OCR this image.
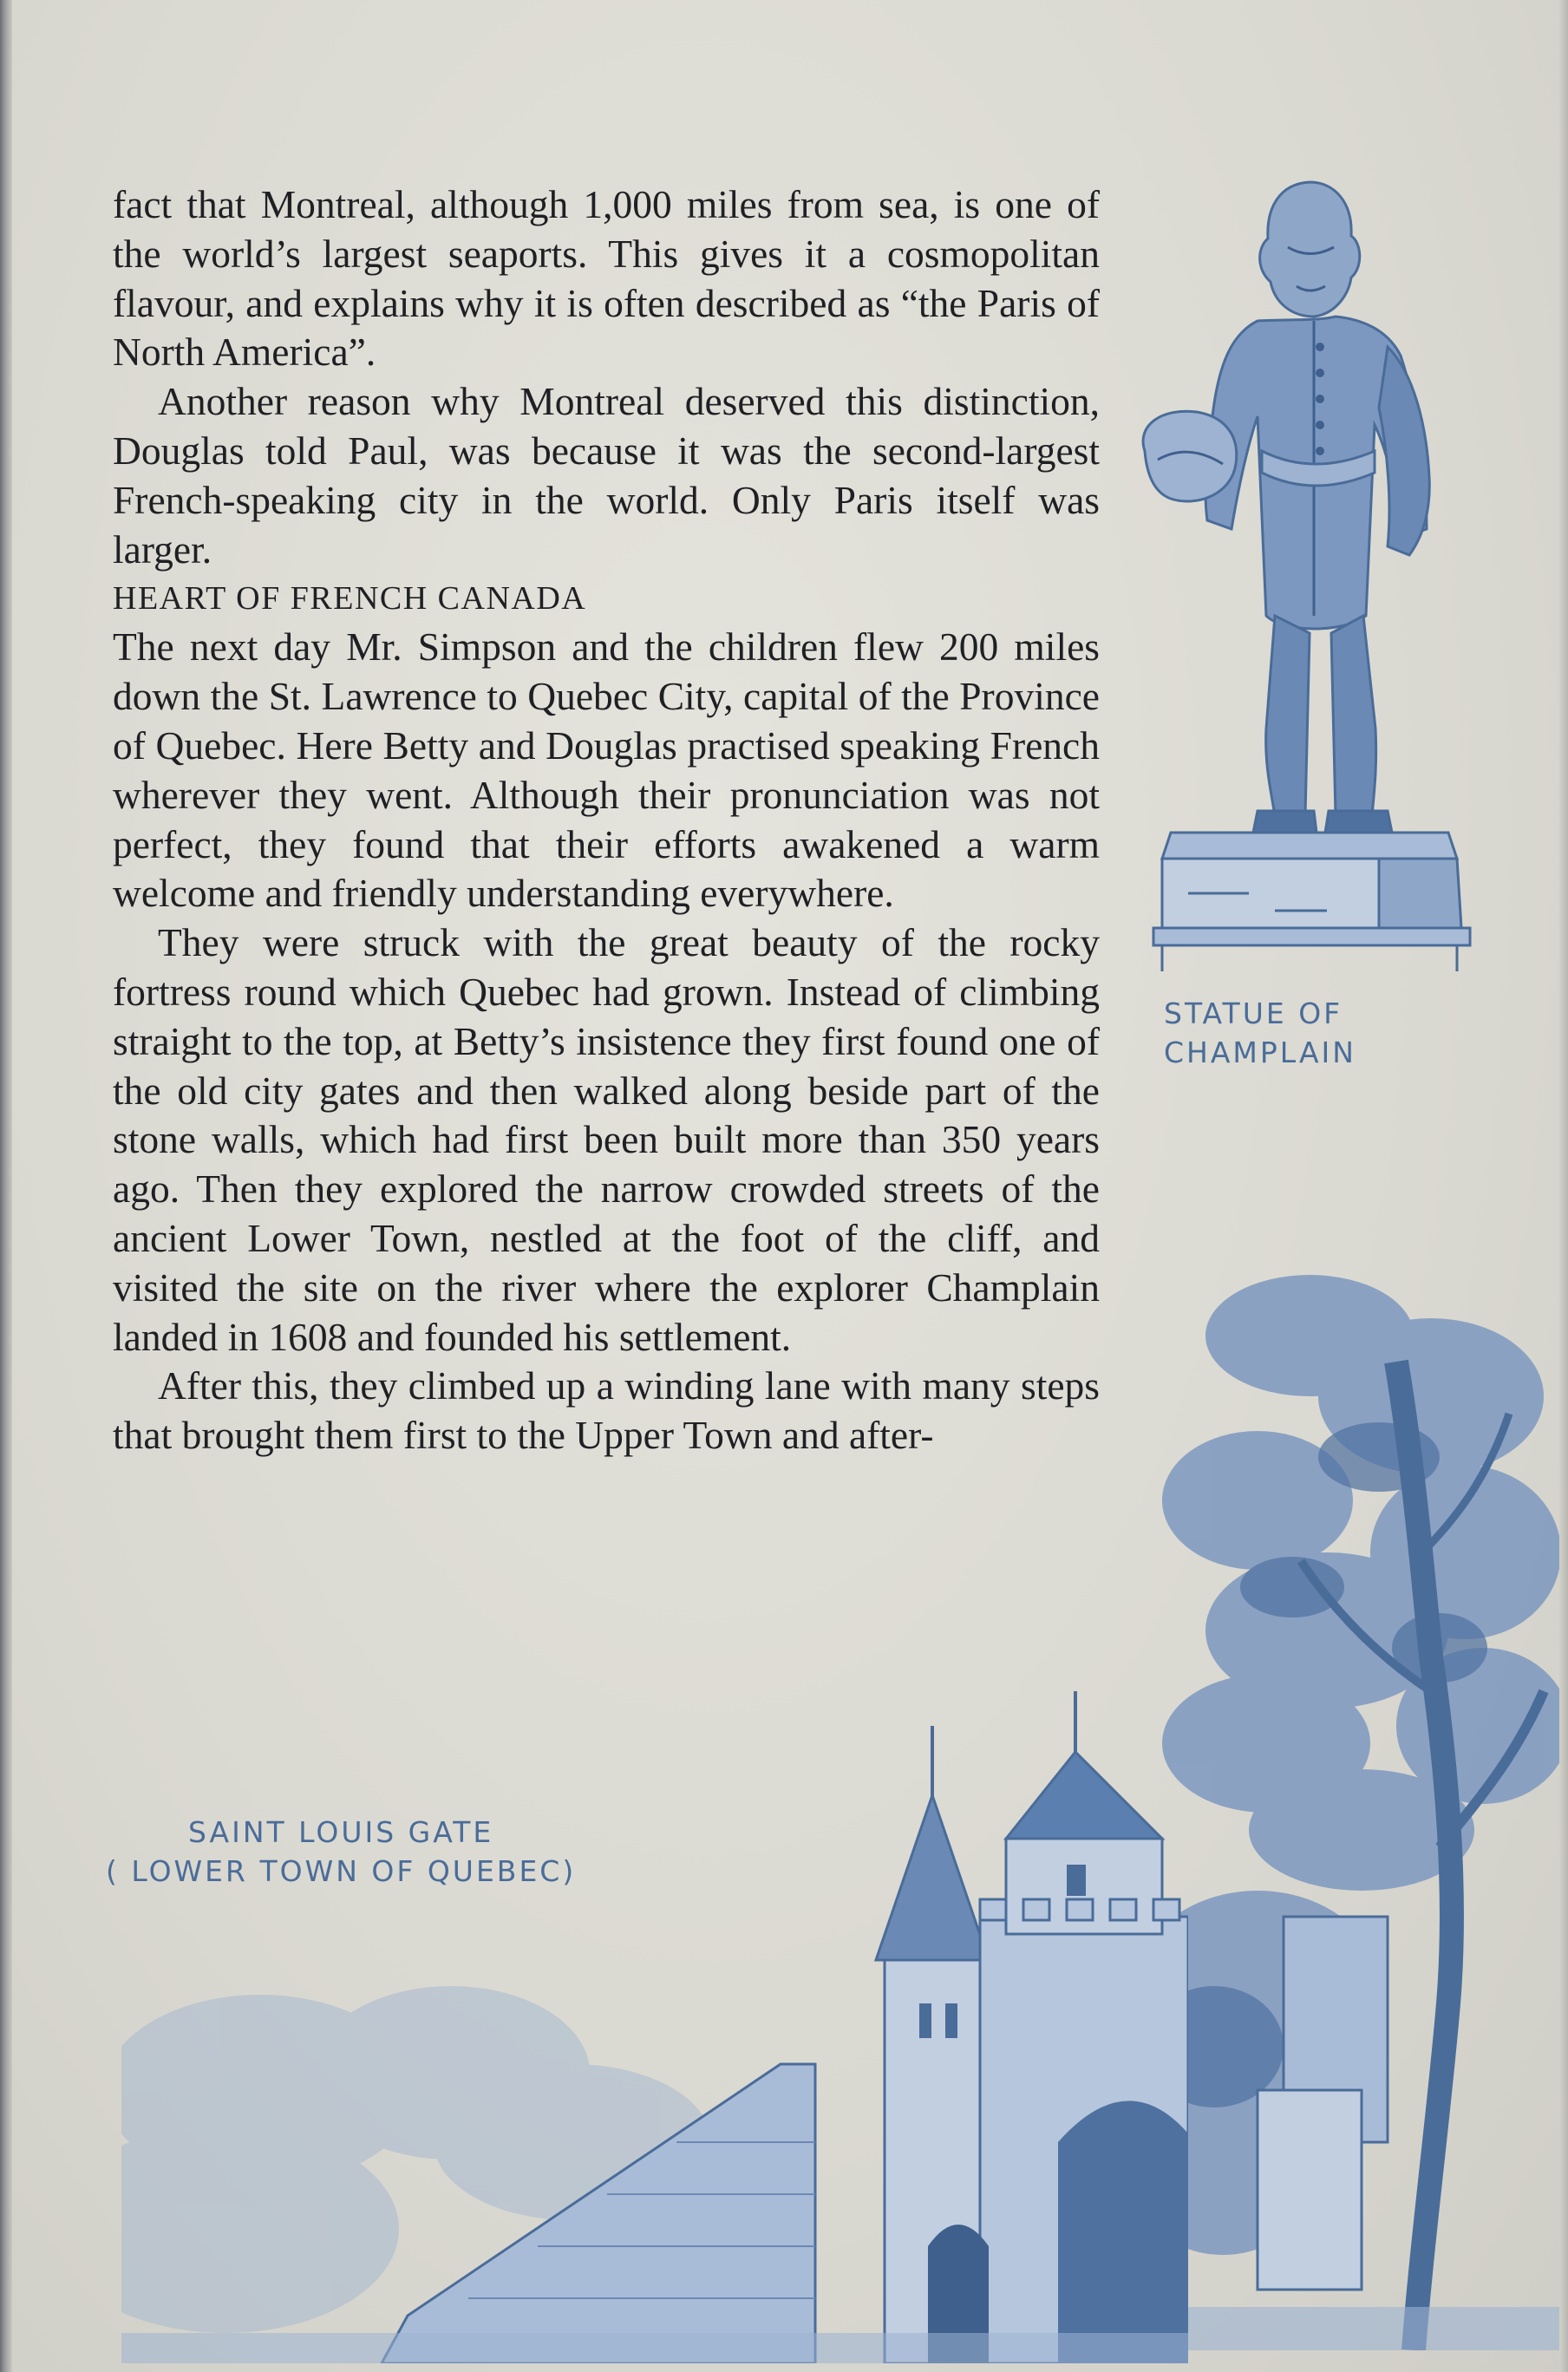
fact that Montreal, although 1,000 miles from sea, is one of the world’s largest seaports. This gives it a cosmopolitan flavour, and explains why it is often described as “the Paris of North America”.

Another reason why Montreal deserved this distinction, Douglas told Paul, was because it was the second-largest French-speaking city in the world. Only Paris itself was larger.

HEART OF FRENCH CANADA

The next day Mr. Simpson and the children flew 200 miles down the St. Lawrence to Quebec City, capital of the Province of Quebec. Here Betty and Douglas practised speaking French wherever they went. Although their pronunciation was not perfect, they found that their efforts awakened a warm welcome and friendly understanding everywhere.

They were struck with the great beauty of the rocky fortress round which Quebec had grown. Instead of climbing straight to the top, at Betty’s insistence they first found one of the old city gates and then walked along beside part of the stone walls, which had first been built more than 350 years ago. Then they explored the narrow crowded streets of the ancient Lower Town, nestled at the foot of the cliff, and visited the site on the river where the explorer Champlain landed in 1608 and founded his settlement.

After this, they climbed up a winding lane with many steps that brought them first to the Upper Town and after-

STATUE OF
CHAMPLAIN
SAINT LOUIS GATE
( LOWER TOWN OF QUEBEC)
